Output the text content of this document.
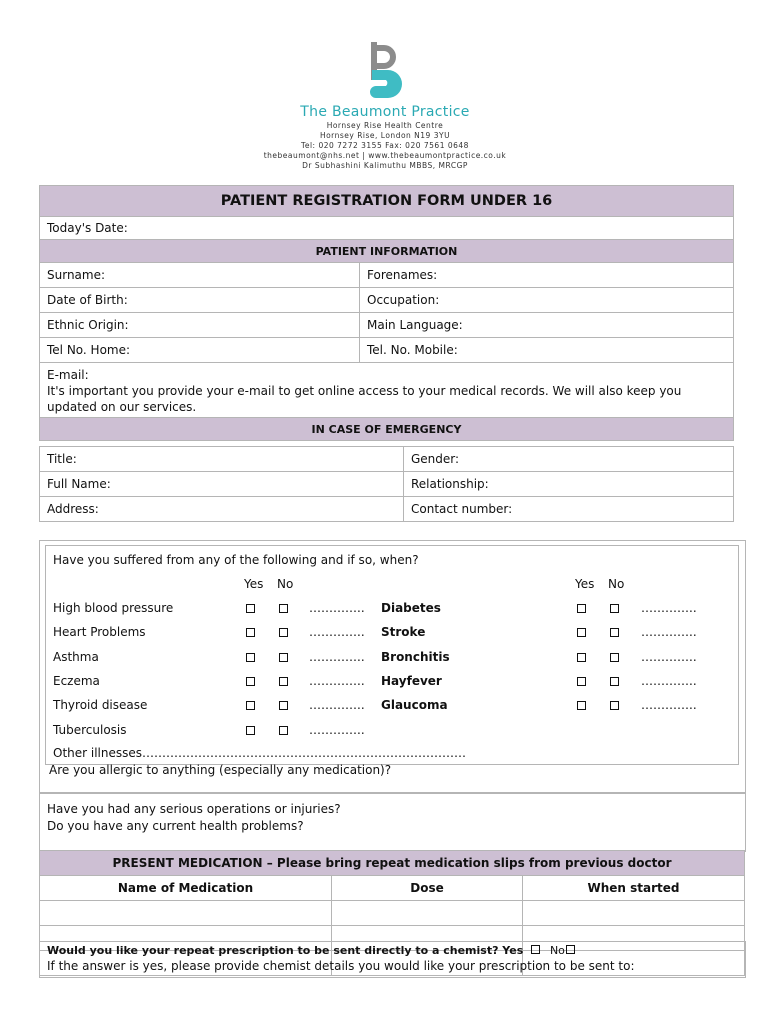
The Beaumont Practice
Hornsey Rise Health Centre
Hornsey Rise, London N19 3YU
Tel: 020 7272 3155 Fax: 020 7561 0648
thebeaumont@nhs.net | www.thebeaumontpractice.co.uk
Dr Subhashini Kalimuthu MBBS, MRCGP
PATIENT REGISTRATION FORM UNDER 16	
Today's Date:	
PATIENT INFORMATION	
Surname:	Forenames:
Date of Birth:	Occupation:
Ethnic Origin:	Main Language:
Tel No. Home:	Tel. No. Mobile:

E-mail:
It's important you provide your e-mail to get online access to your medical records. We will also keep you updated on our services.	

IN CASE OF EMERGENCY	
Title:	Gender:
Full Name:	Relationship:
Address:	Contact number:
Have you suffered from any of the following and if so, when?
Yes No	Yes No
High blood pressure	…………..
Heart Problems	…………..
Asthma	…………..
Eczema	…………..
Thyroid disease	…………..
Tuberculosis	…………..
Diabetes	…………..
Stroke	…………..
Bronchitis	…………..
Hayfever	…………..
Glaucoma	…………..
Other illnesses………………………………………………………………………
Are you allergic to anything (especially any medication)?
Have you had any serious operations or injuries?
Do you have any current health problems?
PRESENT MEDICATION – Please bring repeat medication slips from previous doctor		
Name of Medication	Dose	When started

Would you like your repeat prescription to be sent directly to a chemist? Yes No
If the answer is yes, please provide chemist details you would like your prescription to be sent to:
